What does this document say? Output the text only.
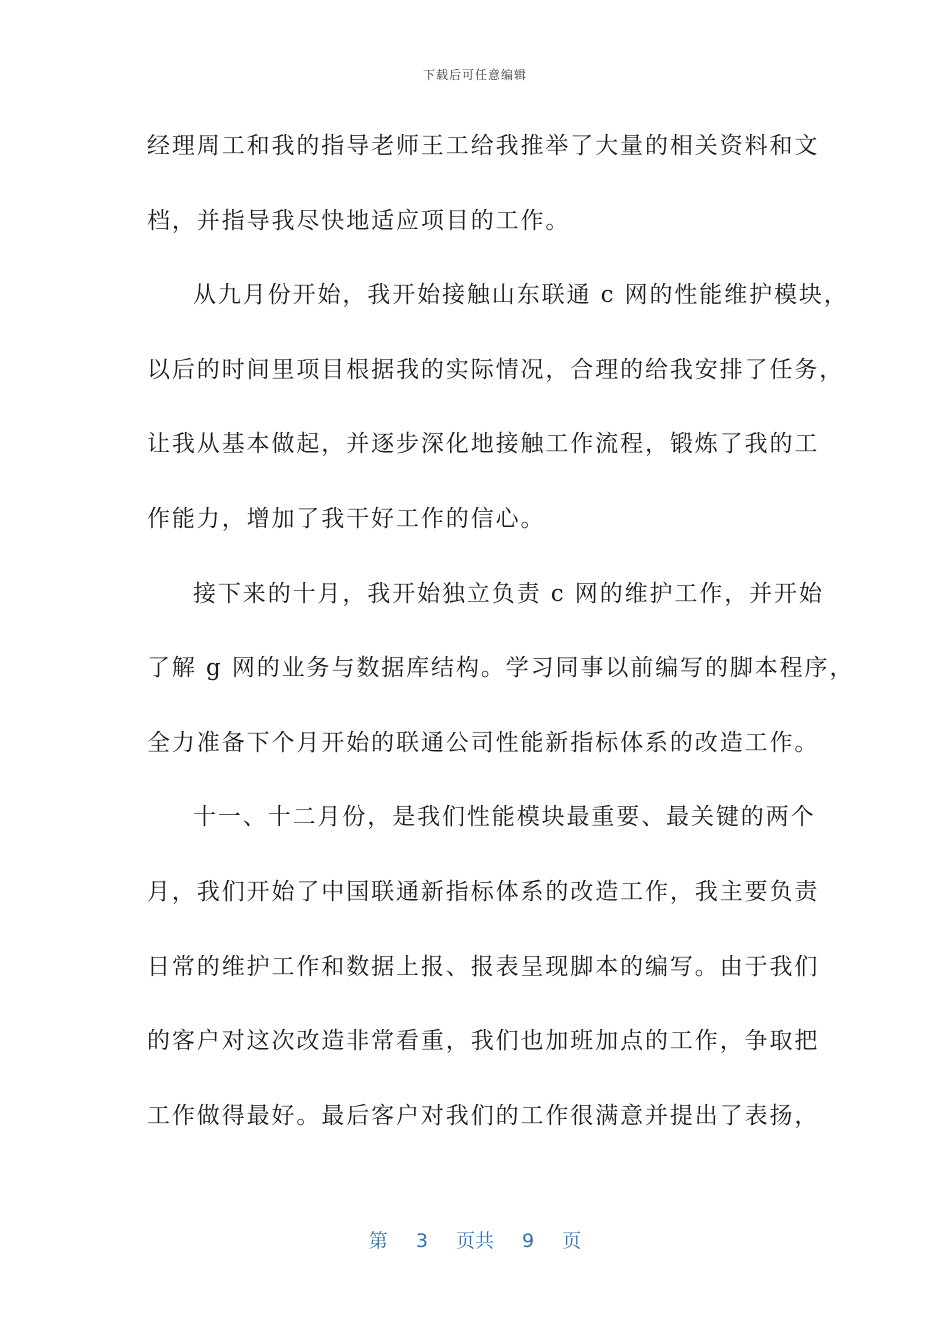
下载后可任意编辑
经理周工和我的指导老师王工给我推举了大量的相关资料和文
档，并指导我尽快地适应项目的工作。
从九月份开始，我开始接触山东联通 c 网的性能维护模块，
以后的时间里项目根据我的实际情况，合理的给我安排了任务，
让我从基本做起，并逐步深化地接触工作流程，锻炼了我的工
作能力，增加了我干好工作的信心。
接下来的十月，我开始独立负责 c 网的维护工作，并开始
了解 g 网的业务与数据库结构。学习同事以前编写的脚本程序，
全力准备下个月开始的联通公司性能新指标体系的改造工作。
十一、十二月份，是我们性能模块最重要、最关键的两个
月，我们开始了中国联通新指标体系的改造工作，我主要负责
日常的维护工作和数据上报、报表呈现脚本的编写。由于我们
的客户对这次改造非常看重，我们也加班加点的工作，争取把
工作做得最好。最后客户对我们的工作很满意并提出了表扬，
第 3 页共 9 页
